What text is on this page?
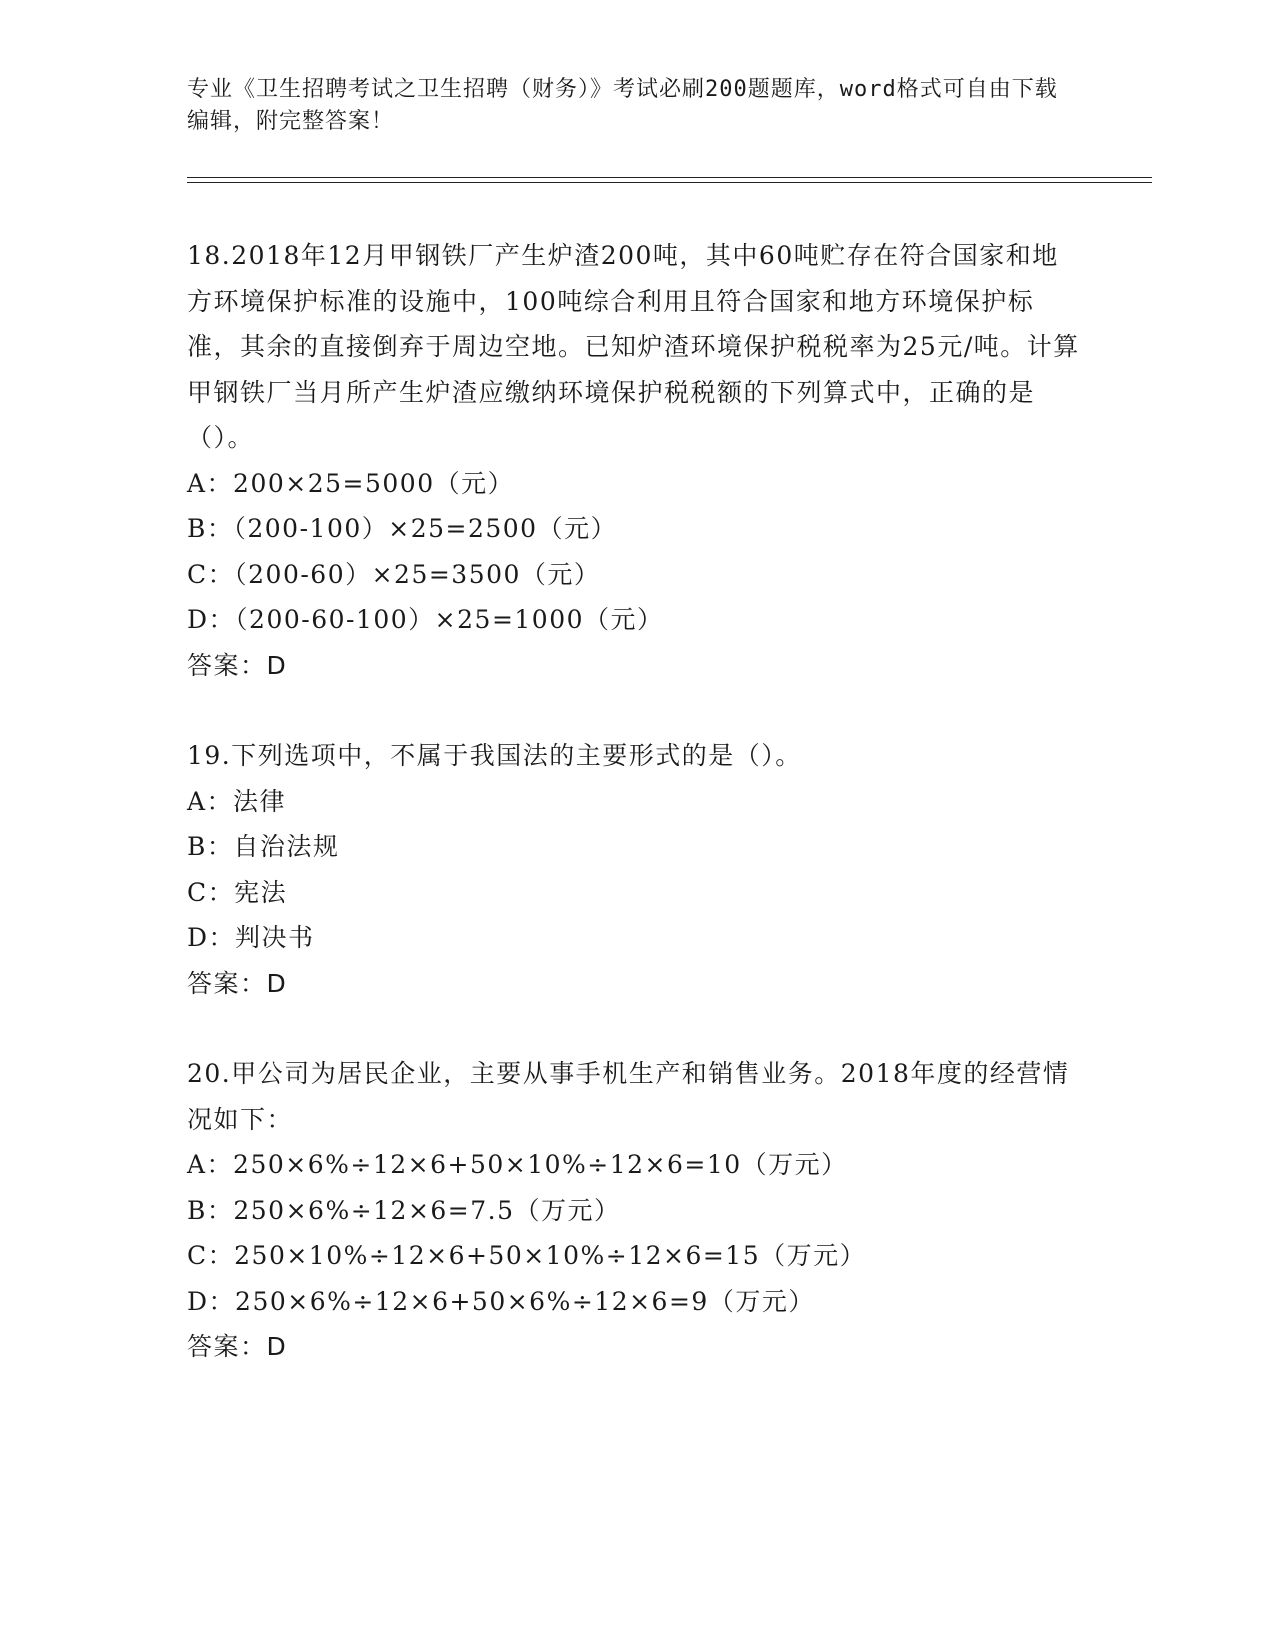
专业《卫生招聘考试之卫生招聘（财务）》考试必刷200题题库，word格式可自由下载编辑，附完整答案！

18.2018年12月甲钢铁厂产生炉渣200吨，其中60吨贮存在符合国家和地方环境保护标准的设施中，100吨综合利用且符合国家和地方环境保护标准，其余的直接倒弃于周边空地。已知炉渣环境保护税税率为25元/吨。计算甲钢铁厂当月所产生炉渣应缴纳环境保护税税额的下列算式中，正确的是（）。

A：200×25=5000（元）

B：（200-100）×25=2500（元）

C：（200-60）×25=3500（元）

D：（200-60-100）×25=1000（元）

答案：D

19.下列选项中，不属于我国法的主要形式的是（）。

A：法律

B：自治法规

C：宪法

D：判决书

答案：D

20.甲公司为居民企业，主要从事手机生产和销售业务。2018年度的经营情况如下：

A：250×6%÷12×6+50×10%÷12×6=10（万元）

B：250×6%÷12×6=7.5（万元）

C：250×10%÷12×6+50×10%÷12×6=15（万元）

D：250×6%÷12×6+50×6%÷12×6=9（万元）

答案：D
